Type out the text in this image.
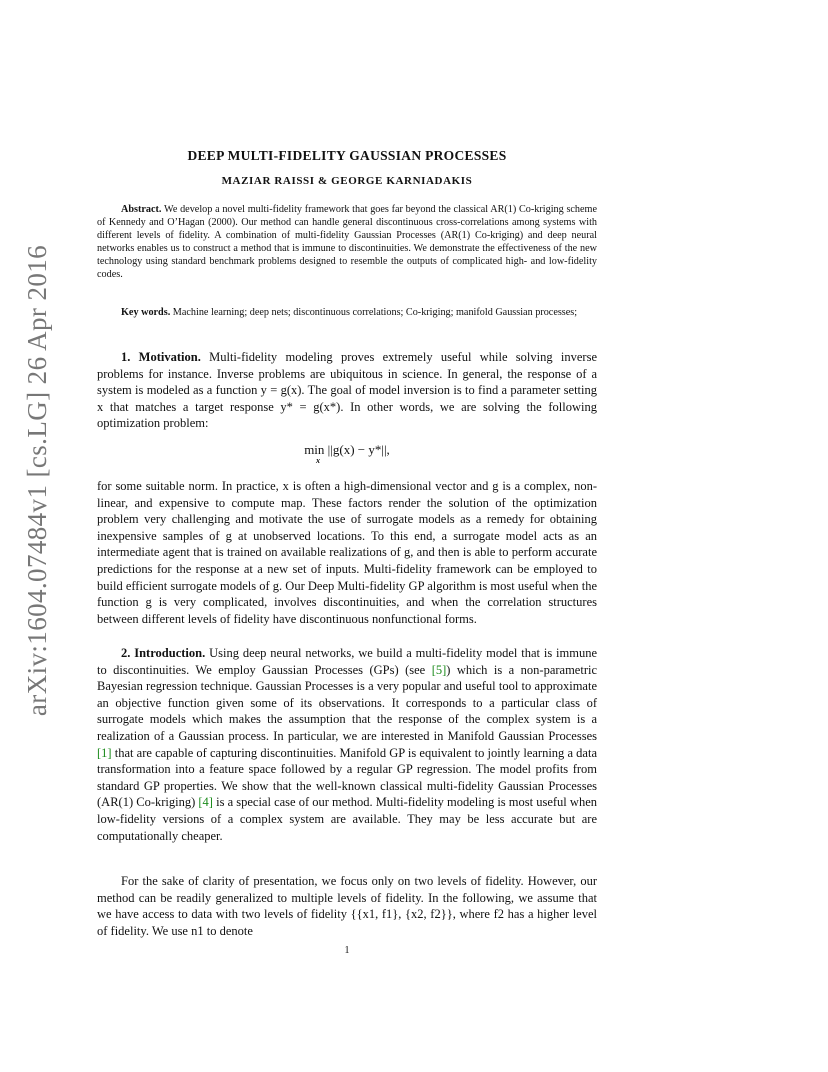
arXiv:1604.07484v1 [cs.LG] 26 Apr 2016
DEEP MULTI-FIDELITY GAUSSIAN PROCESSES
MAZIAR RAISSI & GEORGE KARNIADAKIS
Abstract. We develop a novel multi-fidelity framework that goes far beyond the classical AR(1) Co-kriging scheme of Kennedy and O’Hagan (2000). Our method can handle general discontinuous cross-correlations among systems with different levels of fidelity. A combination of multi-fidelity Gaussian Processes (AR(1) Co-kriging) and deep neural networks enables us to construct a method that is immune to discontinuities. We demonstrate the effectiveness of the new technology using standard benchmark problems designed to resemble the outputs of complicated high- and low-fidelity codes.
Key words. Machine learning; deep nets; discontinuous correlations; Co-kriging; manifold Gaussian processes;
1. Motivation. Multi-fidelity modeling proves extremely useful while solving inverse problems for instance. Inverse problems are ubiquitous in science. In general, the response of a system is modeled as a function y = g(x). The goal of model inversion is to find a parameter setting x that matches a target response y* = g(x*). In other words, we are solving the following optimization problem:
min ||g(x) − y*||,
x
for some suitable norm. In practice, x is often a high-dimensional vector and g is a complex, non-linear, and expensive to compute map. These factors render the solution of the optimization problem very challenging and motivate the use of surrogate models as a remedy for obtaining inexpensive samples of g at unobserved locations. To this end, a surrogate model acts as an intermediate agent that is trained on available realizations of g, and then is able to perform accurate predictions for the response at a new set of inputs. Multi-fidelity framework can be employed to build efficient surrogate models of g. Our Deep Multi-fidelity GP algorithm is most useful when the function g is very complicated, involves discontinuities, and when the correlation structures between different levels of fidelity have discontinuous nonfunctional forms.
2. Introduction. Using deep neural networks, we build a multi-fidelity model that is immune to discontinuities. We employ Gaussian Processes (GPs) (see [5]) which is a non-parametric Bayesian regression technique. Gaussian Processes is a very popular and useful tool to approximate an objective function given some of its observations. It corresponds to a particular class of surrogate models which makes the assumption that the response of the complex system is a realization of a Gaussian process. In particular, we are interested in Manifold Gaussian Processes [1] that are capable of capturing discontinuities. Manifold GP is equivalent to jointly learning a data transformation into a feature space followed by a regular GP regression. The model profits from standard GP properties. We show that the well-known classical multi-fidelity Gaussian Processes (AR(1) Co-kriging) [4] is a special case of our method. Multi-fidelity modeling is most useful when low-fidelity versions of a complex system are available. They may be less accurate but are computationally cheaper.
For the sake of clarity of presentation, we focus only on two levels of fidelity. However, our method can be readily generalized to multiple levels of fidelity. In the following, we assume that we have access to data with two levels of fidelity {{x1, f1}, {x2, f2}}, where f2 has a higher level of fidelity. We use n1 to denote
1
